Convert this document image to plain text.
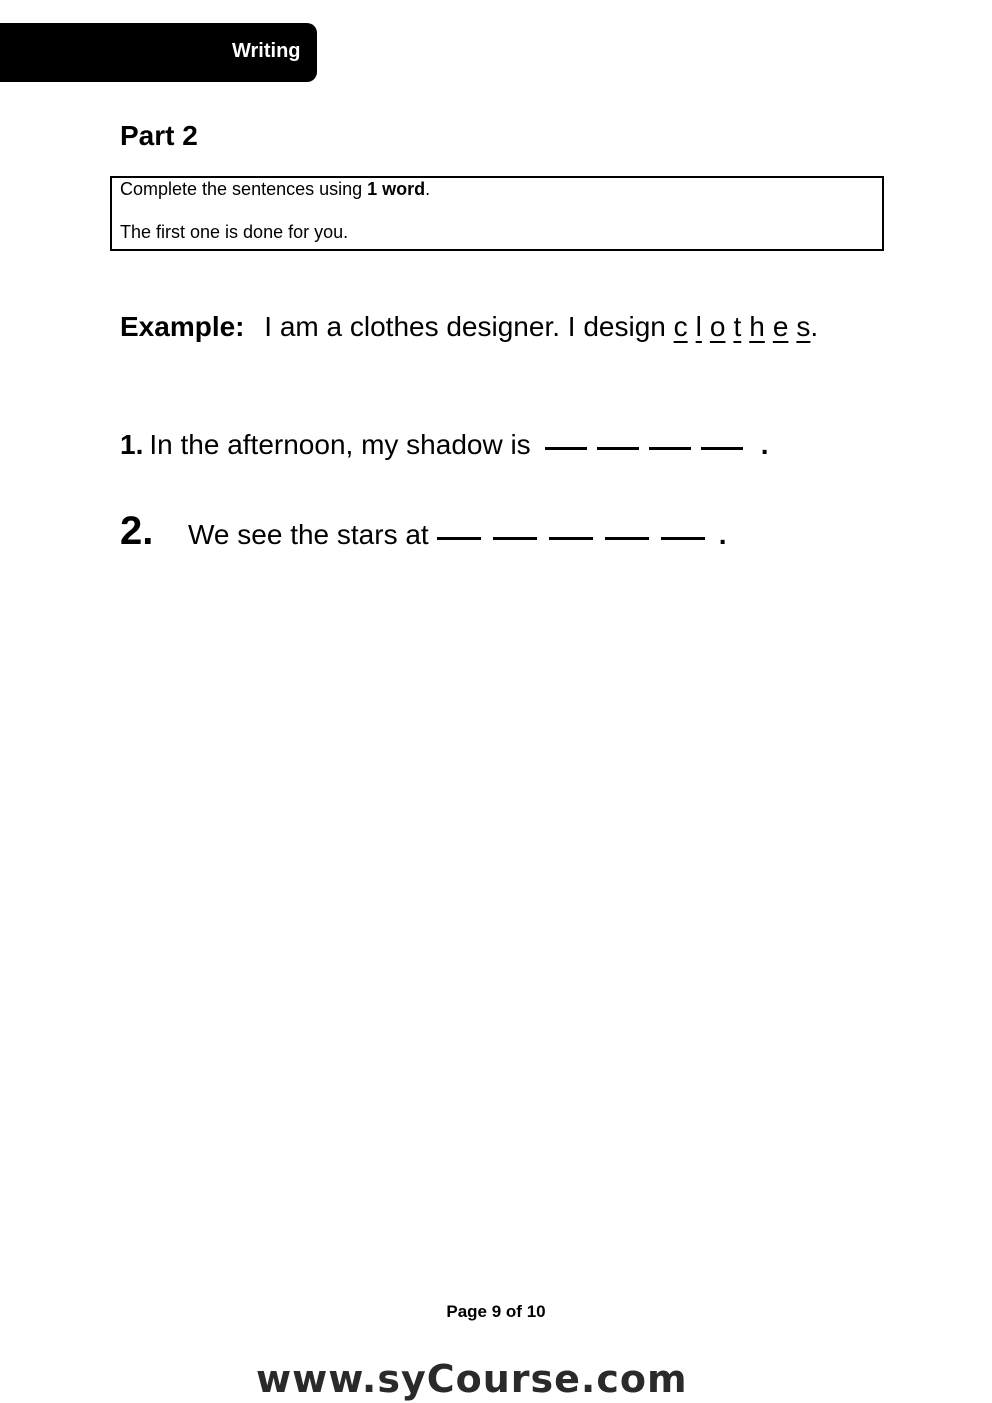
Writing
Part 2
Complete the sentences using 1 word.
The first one is done for you.
Example: I am a clothes designer. I design c l o t h e s .
1. In the afternoon, my shadow is	.
2.	We see the stars at	.
Page 9 of 10
www.syCourse.com
